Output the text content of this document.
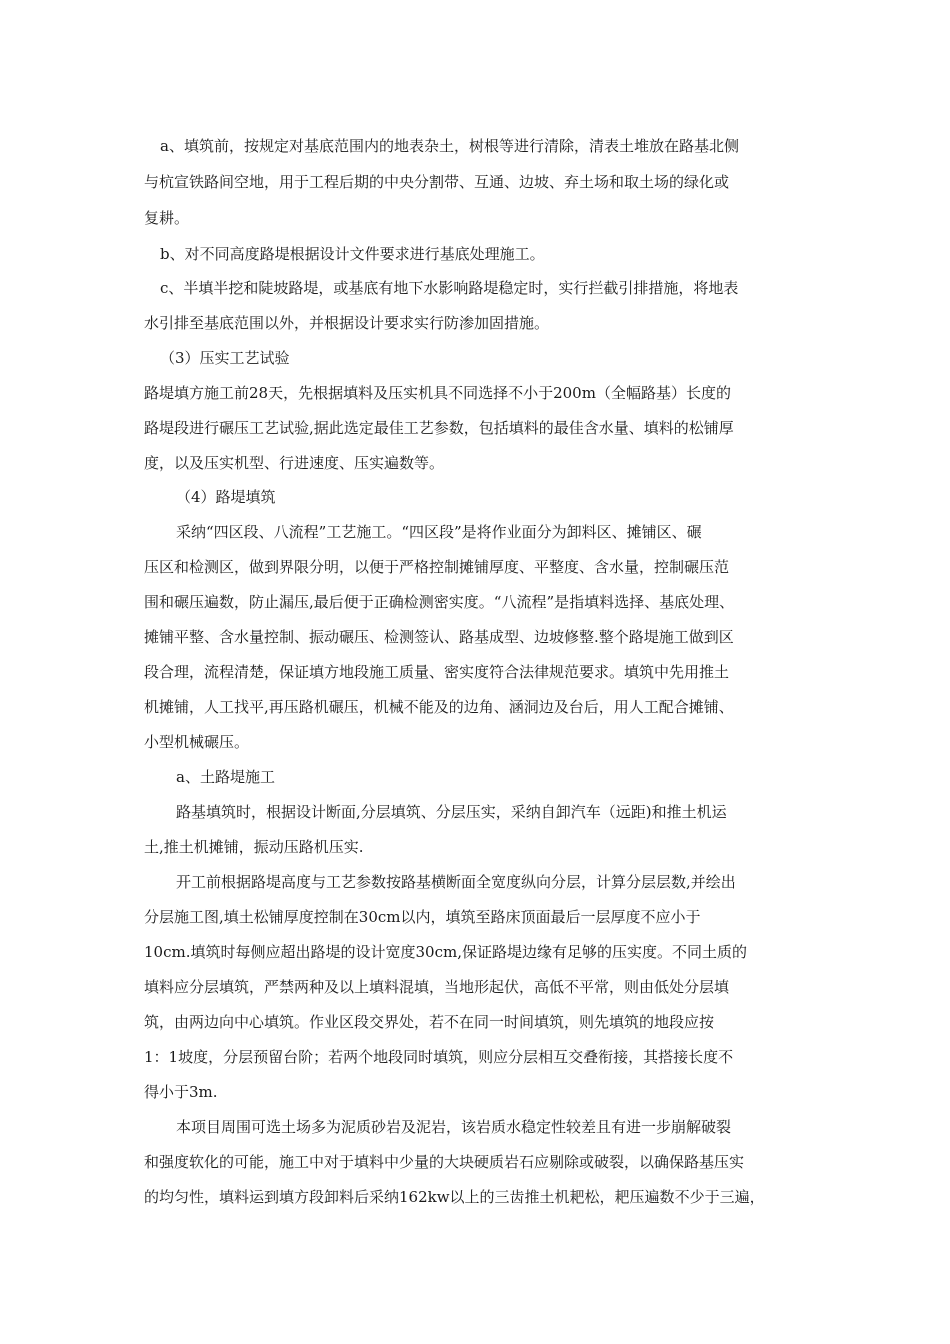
a、填筑前，按规定对基底范围内的地表杂土，树根等进行清除，清表土堆放在路基北侧
与杭宣铁路间空地，用于工程后期的中央分割带、互通、边坡、弃土场和取土场的绿化或
复耕。
b、对不同高度路堤根据设计文件要求进行基底处理施工。
c、半填半挖和陡坡路堤，或基底有地下水影响路堤稳定时，实行拦截引排措施，将地表
水引排至基底范围以外，并根据设计要求实行防渗加固措施。
（3）压实工艺试验
路堤填方施工前28天，先根据填料及压实机具不同选择不小于200m（全幅路基）长度的
路堤段进行碾压工艺试验,据此选定最佳工艺参数，包括填料的最佳含水量、填料的松铺厚
度，以及压实机型、行进速度、压实遍数等。
（4）路堤填筑
采纳“四区段、八流程”工艺施工。“四区段”是将作业面分为卸料区、摊铺区、碾
压区和检测区，做到界限分明，以便于严格控制摊铺厚度、平整度、含水量，控制碾压范
围和碾压遍数，防止漏压,最后便于正确检测密实度。“八流程”是指填料选择、基底处理、
摊铺平整、含水量控制、振动碾压、检测签认、路基成型、边坡修整.整个路堤施工做到区
段合理，流程清楚，保证填方地段施工质量、密实度符合法律规范要求。填筑中先用推土
机摊铺，人工找平,再压路机碾压，机械不能及的边角、涵洞边及台后，用人工配合摊铺、
小型机械碾压。
a、土路堤施工
路基填筑时，根据设计断面,分层填筑、分层压实，采纳自卸汽车（远距)和推土机运
土,推土机摊铺，振动压路机压实.
开工前根据路堤高度与工艺参数按路基横断面全宽度纵向分层，计算分层层数,并绘出
分层施工图,填土松铺厚度控制在30cm以内，填筑至路床顶面最后一层厚度不应小于
10cm.填筑时每侧应超出路堤的设计宽度30cm,保证路堤边缘有足够的压实度。不同土质的
填料应分层填筑，严禁两种及以上填料混填，当地形起伏，高低不平常，则由低处分层填
筑，由两边向中心填筑。作业区段交界处，若不在同一时间填筑，则先填筑的地段应按
1：1坡度，分层预留台阶；若两个地段同时填筑，则应分层相互交叠衔接，其搭接长度不
得小于3m.
本项目周围可选土场多为泥质砂岩及泥岩，该岩质水稳定性较差且有进一步崩解破裂
和强度软化的可能，施工中对于填料中少量的大块硬质岩石应剔除或破裂，以确保路基压实
的均匀性，填料运到填方段卸料后采纳162kw以上的三齿推土机耙松，耙压遍数不少于三遍，
